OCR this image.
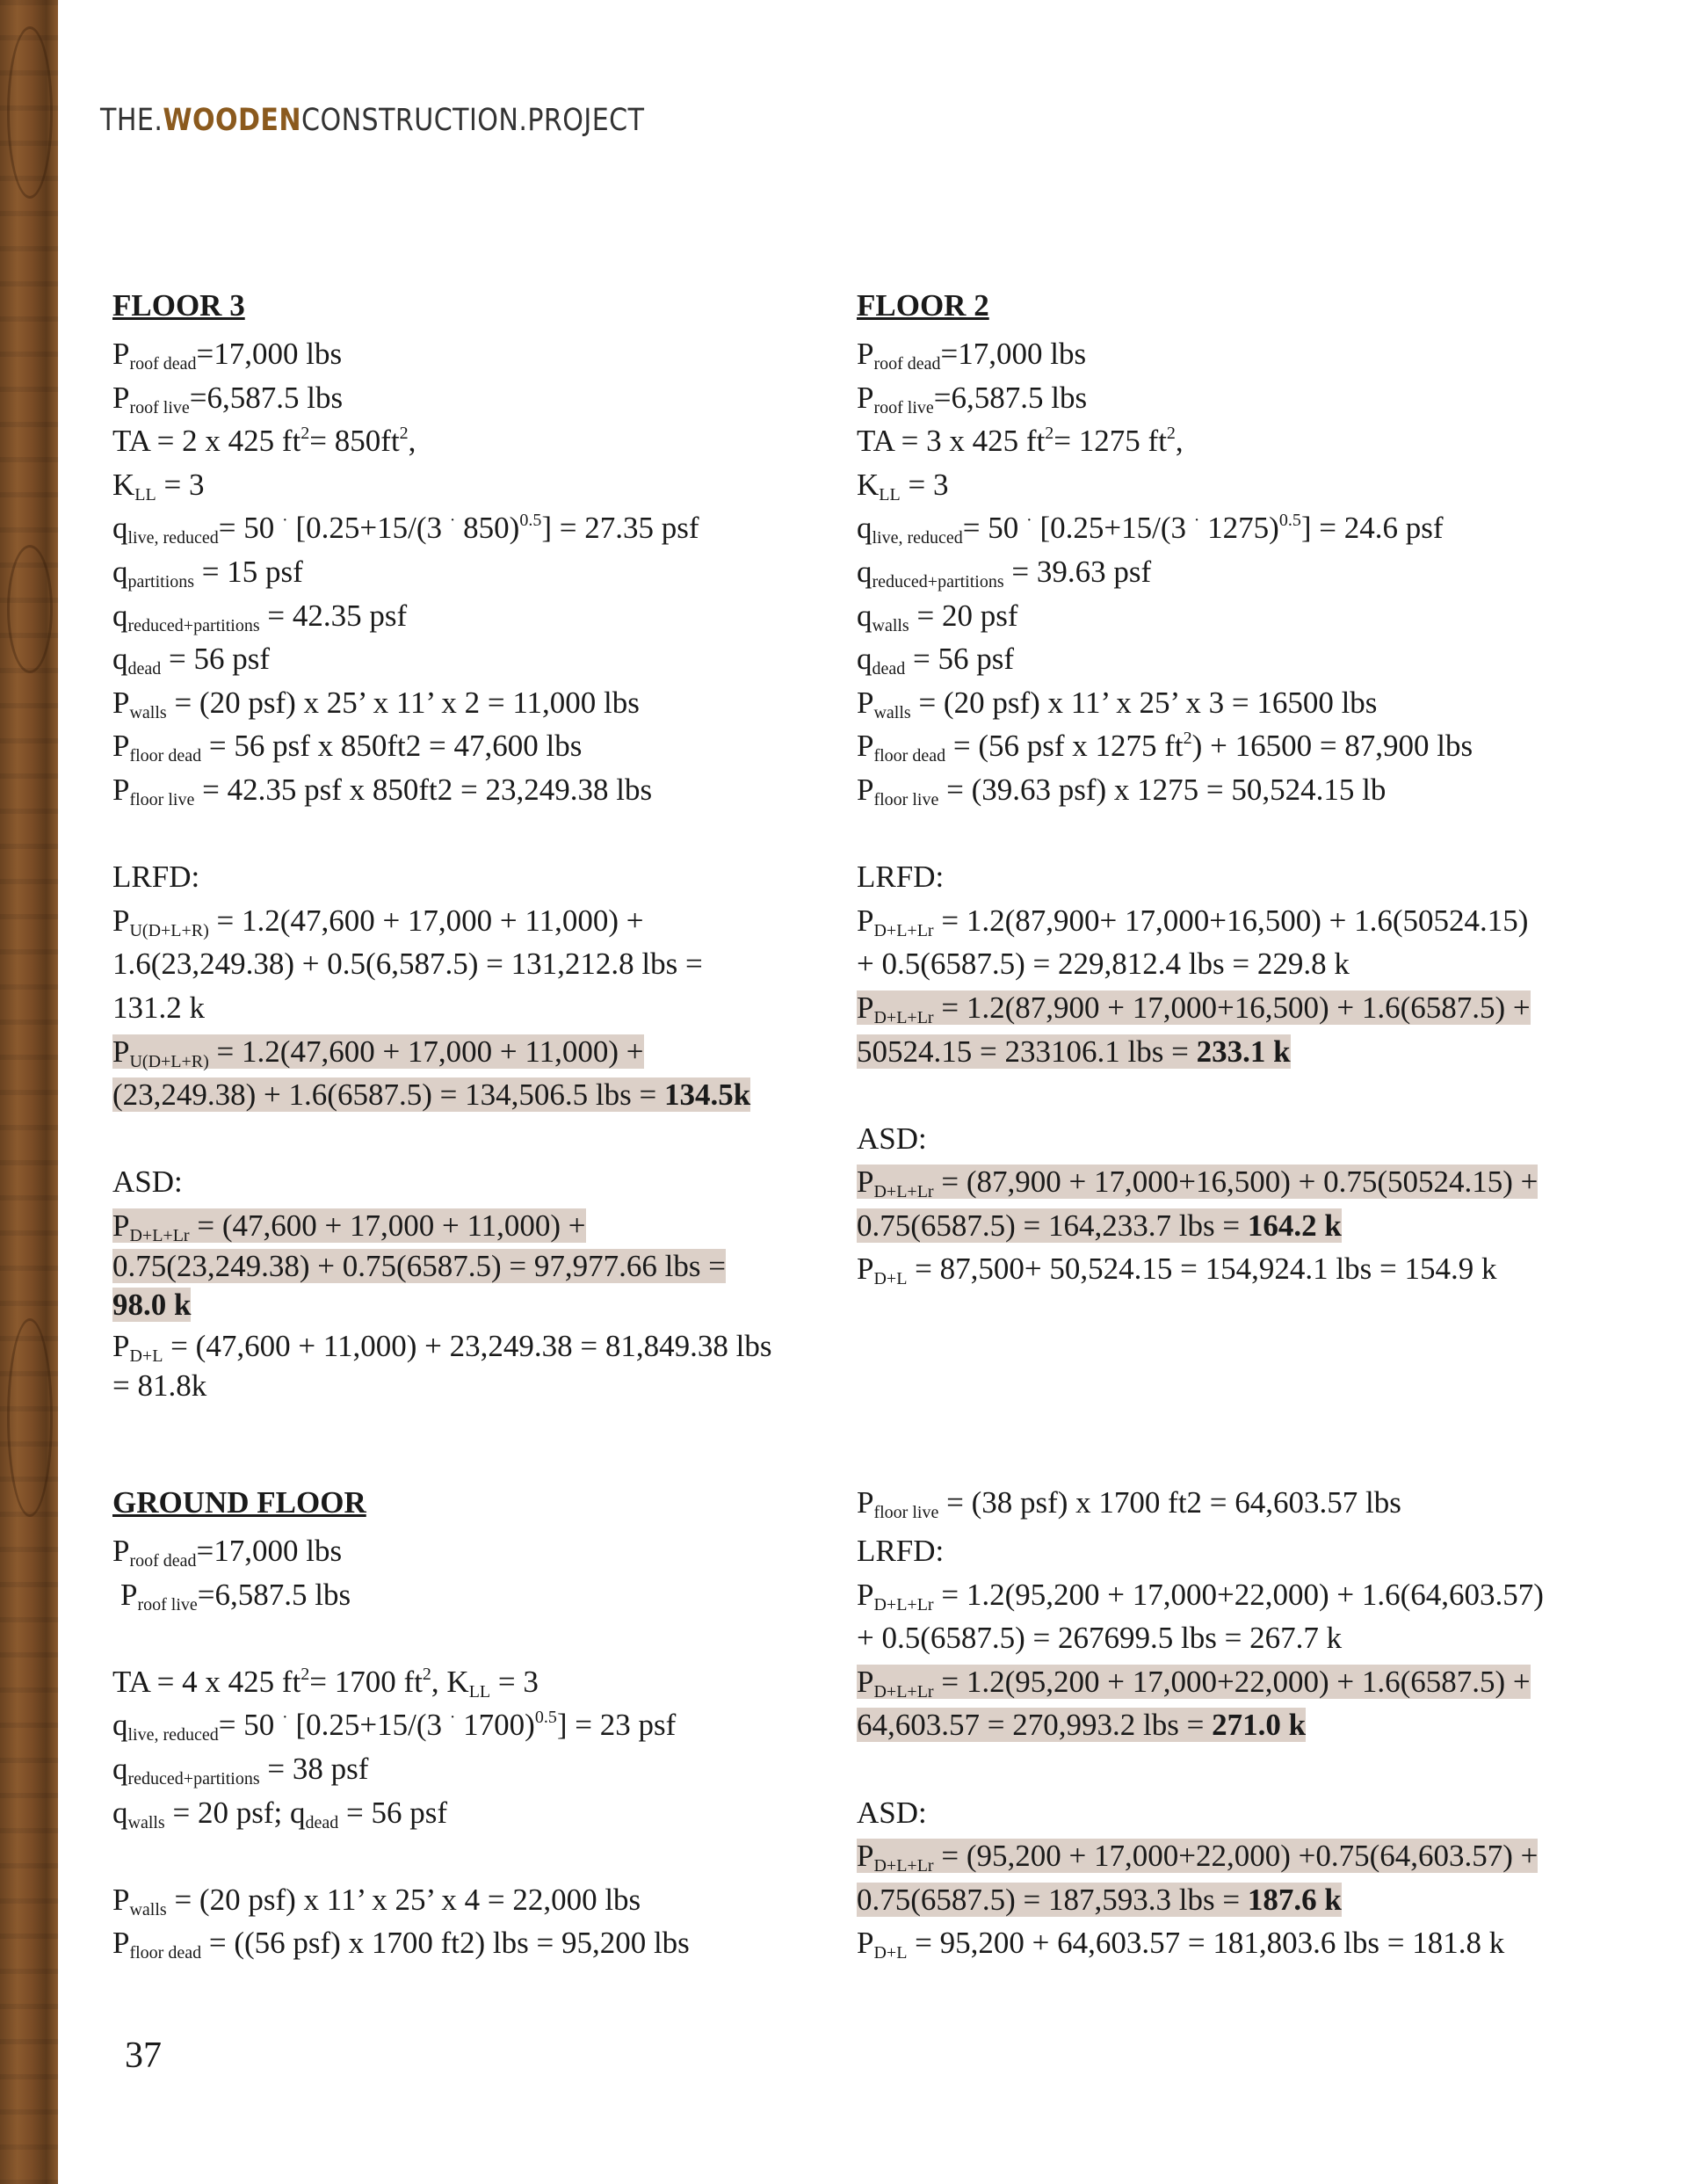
THE.WOODENCONSTRUCTION.PROJECT
FLOOR 3
$P_{roof dead}=17,000$ lbs
$P_{roof live}=6,587.5$ lbs
TA = 2 x 425 $ft^2= 850ft^2$,
$K_{LL} = 3$
$q_{live, reduced}= 50$ · [0.25+15/(3 · 850)$^{0.5}$] = 27.35 psf
$q_{partitions} = 15$ psf
$q_{reduced+partitions} = 42.35$ psf
$q_{dead} = 56$ psf
$P_{walls} = (20$ psf) x 25’ x 11’ x 2 = 11,000 lbs
$P_{floor dead} = 56$ psf x 850ft2 = 47,600 lbs
$P_{floor live} = 42.35$ psf x 850ft2 = 23,249.38 lbs
LRFD:
$P_{U(D+L+R)} = 1.2(47,600 + 17,000 + 11,000)$ +
1.6(23,249.38) + 0.5(6,587.5) = 131,212.8 lbs =
131.2 k
$P_{U(D+L+R)} = 1.2(47,600 + 17,000 + 11,000)$ +
(23,249.38) + 1.6(6587.5) = 134,506.5 lbs = 134.5k
ASD:
$P_{D+L+Lr} = (47,600 + 17,000 + 11,000)$ +
0.75(23,249.38) + 0.75(6587.5) = 97,977.66 lbs =
98.0 k
$P_{D+L} = (47,600 + 11,000) + 23,249.38 = 81,849.38$ lbs
= 81.8k
FLOOR 2
$P_{roof dead}=17,000$ lbs
$P_{roof live}=6,587.5$ lbs
TA = 3 x 425 $ft^2= 1275$ $ft^2$,
$K_{LL} = 3$
$q_{live, reduced}= 50$ · [0.25+15/(3 · 1275)$^{0.5}$] = 24.6 psf
$q_{reduced+partitions} = 39.63$ psf
$q_{walls} = 20$ psf
$q_{dead} = 56$ psf
$P_{walls} = (20$ psf) x 11’ x 25’ x 3 = 16500 lbs
$P_{floor dead} = (56$ psf x 1275 $ft^2) + 16500 = 87,900$ lbs
$P_{floor live} = (39.63$ psf) x 1275 = 50,524.15 lb
LRFD:
$P_{D+L+Lr} = 1.2(87,900+ 17,000+16,500) + 1.6(50524.15)$
+ 0.5(6587.5) = 229,812.4 lbs = 229.8 k
$P_{D+L+Lr} = 1.2(87,900 + 17,000+16,500) + 1.6(6587.5)$ +
50524.15 = 233106.1 lbs = 233.1 k
ASD:
$P_{D+L+Lr} = (87,900 + 17,000+16,500) + 0.75(50524.15)$ +
0.75(6587.5) = 164,233.7 lbs = 164.2 k
$P_{D+L} = 87,500+ 50,524.15 = 154,924.1$ lbs = 154.9 k
GROUND FLOOR
$P_{roof dead}=17,000$ lbs
$P_{roof live}=6,587.5$ lbs
TA = 4 x 425 $ft^2= 1700$ $ft^2$, $K_{LL} = 3$
$q_{live, reduced}= 50$ · [0.25+15/(3 · 1700)$^{0.5}$] = 23 psf
$q_{reduced+partitions} = 38$ psf
$q_{walls} = 20$ psf; $q_{dead} = 56$ psf
$P_{walls} = (20$ psf) x 11’ x 25’ x 4 = 22,000 lbs
$P_{floor dead} = ((56$ psf) x 1700 ft2) lbs = 95,200 lbs
$P_{floor live} = (38$ psf) x 1700 ft2 = 64,603.57 lbs
LRFD:
$P_{D+L+Lr} = 1.2(95,200 + 17,000+22,000) + 1.6(64,603.57)$
+ 0.5(6587.5) = 267699.5 lbs = 267.7 k
$P_{D+L+Lr} = 1.2(95,200 + 17,000+22,000) + 1.6(6587.5)$ +
64,603.57 = 270,993.2 lbs = 271.0 k
ASD:
$P_{D+L+Lr} = (95,200 + 17,000+22,000) +0.75(64,603.57)$ +
0.75(6587.5) = 187,593.3 lbs = 187.6 k
$P_{D+L} = 95,200 + 64,603.57 = 181,803.6$ lbs = 181.8 k
37
